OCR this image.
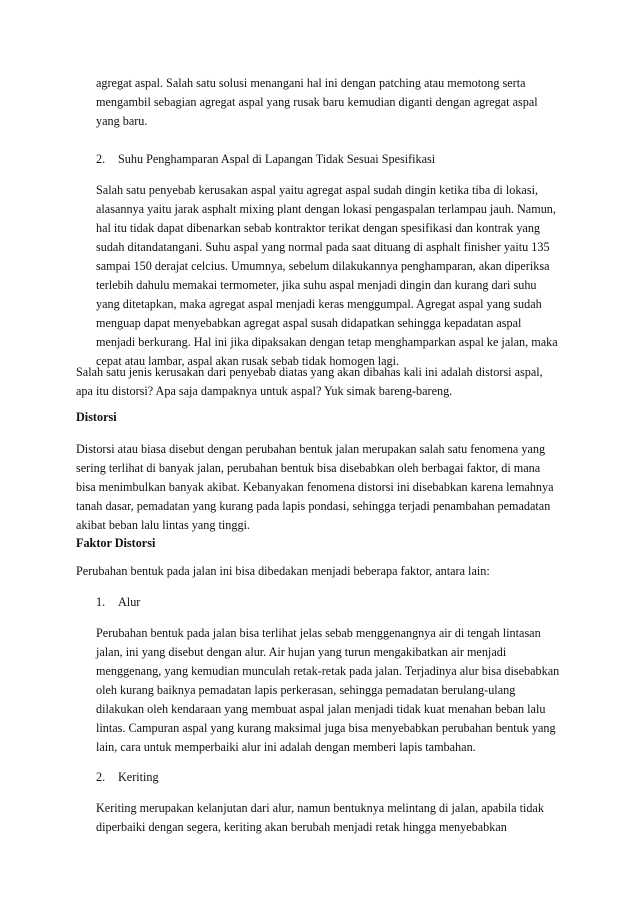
agregat aspal. Salah satu solusi menangani hal ini dengan patching atau memotong serta mengambil sebagian agregat aspal yang rusak baru kemudian diganti dengan agregat aspal yang baru.

2. Suhu Penghamparan Aspal di Lapangan Tidak Sesuai Spesifikasi

Salah satu penyebab kerusakan aspal yaitu agregat aspal sudah dingin ketika tiba di lokasi, alasannya yaitu jarak asphalt mixing plant dengan lokasi pengaspalan terlampau jauh. Namun, hal itu tidak dapat dibenarkan sebab kontraktor terikat dengan spesifikasi dan kontrak yang sudah ditandatangani. Suhu aspal yang normal pada saat dituang di asphalt finisher yaitu 135 sampai 150 derajat celcius. Umumnya, sebelum dilakukannya penghamparan, akan diperiksa terlebih dahulu memakai termometer, jika suhu aspal menjadi dingin dan kurang dari suhu yang ditetapkan, maka agregat aspal menjadi keras menggumpal. Agregat aspal yang sudah menguap dapat menyebabkan agregat aspal susah didapatkan sehingga kepadatan aspal menjadi berkurang. Hal ini jika dipaksakan dengan tetap menghamparkan aspal ke jalan, maka cepat atau lambar, aspal akan rusak sebab tidak homogen lagi.

Salah satu jenis kerusakan dari penyebab diatas yang akan dibahas kali ini adalah distorsi aspal, apa itu distorsi? Apa saja dampaknya untuk aspal? Yuk simak bareng-bareng.

Distorsi

Distorsi atau biasa disebut dengan perubahan bentuk jalan merupakan salah satu fenomena yang sering terlihat di banyak jalan, perubahan bentuk bisa disebabkan oleh berbagai faktor, di mana bisa menimbulkan banyak akibat. Kebanyakan fenomena distorsi ini disebabkan karena lemahnya tanah dasar, pemadatan yang kurang pada lapis pondasi, sehingga terjadi penambahan pemadatan akibat beban lalu lintas yang tinggi.

Faktor Distorsi

Perubahan bentuk pada jalan ini bisa dibedakan menjadi beberapa faktor, antara lain:

1. Alur

Perubahan bentuk pada jalan bisa terlihat jelas sebab menggenangnya air di tengah lintasan jalan, ini yang disebut dengan alur. Air hujan yang turun mengakibatkan air menjadi menggenang, yang kemudian munculah retak-retak pada jalan. Terjadinya alur bisa disebabkan oleh kurang baiknya pemadatan lapis perkerasan, sehingga pemadatan berulang-ulang dilakukan oleh kendaraan yang membuat aspal jalan menjadi tidak kuat menahan beban lalu lintas. Campuran aspal yang kurang maksimal juga bisa menyebabkan perubahan bentuk yang lain, cara untuk memperbaiki alur ini adalah dengan memberi lapis tambahan.

2. Keriting

Keriting merupakan kelanjutan dari alur, namun bentuknya melintang di jalan, apabila tidak diperbaiki dengan segera, keriting akan berubah menjadi retak hingga menyebabkan
